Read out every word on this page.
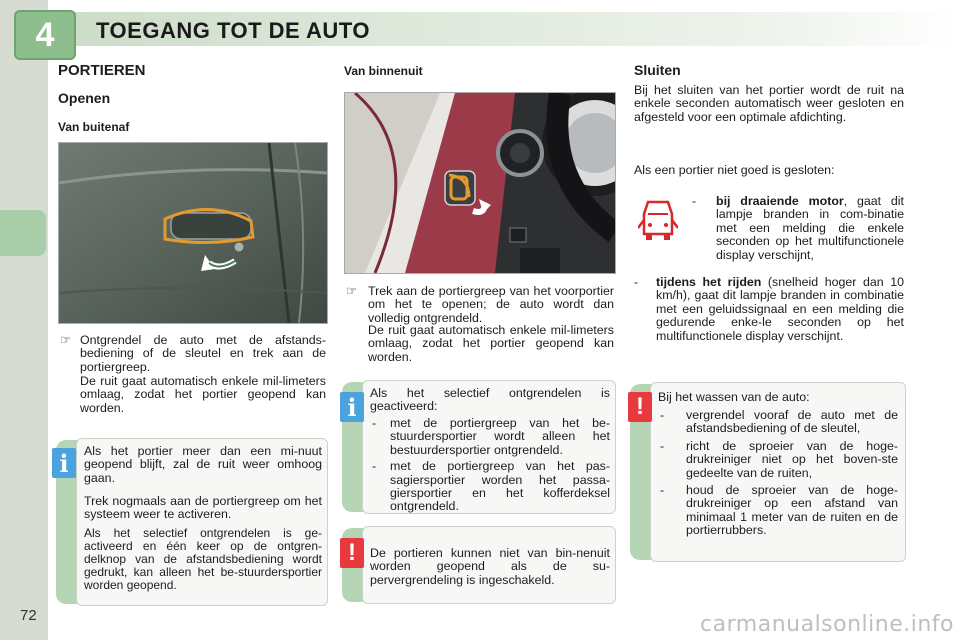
4	TOEGANG TOT DE AUTO
PORTIEREN
Openen
Van buitenaf
☞ Ontgrendel de auto met de afstands-bediening of de sleutel en trek aan de portiergreep.
De ruit gaat automatisch enkele mil-limeters omlaag, zodat het portier geopend kan worden.
Als het portier meer dan een mi-nuut geopend blijft, zal de ruit weer omhoog gaan.
Trek nogmaals aan de portiergreep om het systeem weer te activeren.
Als het selectief ontgrendelen is ge-activeerd en één keer op de ontgren-delknop van de afstandsbediening wordt gedrukt, kan alleen het be-stuurdersportier worden geopend.
i
Van binnenuit
☞ Trek aan de portiergreep van het voorportier om het te openen; de auto wordt dan volledig ontgrendeld.
De ruit gaat automatisch enkele mil-limeters omlaag, zodat het portier geopend kan worden.
Als het selectief ontgrendelen is geactiveerd:
- met de portiergreep van het be-stuurdersportier wordt alleen het bestuurdersportier ontgrendeld.
- met de portiergreep van het pas-sagiersportier worden het passa-giersportier en het kofferdeksel ontgrendeld.
i
De portieren kunnen niet van bin-nenuit worden geopend als de su-pervergrendeling is ingeschakeld.
!
Sluiten
Bij het sluiten van het portier wordt de ruit na enkele seconden automatisch weer gesloten en afgesteld voor een optimale afdichting.
Als een portier niet goed is gesloten:
- bij draaiende motor, gaat dit lampje branden in com-binatie met een melding die enkele seconden op het multifunctionele display verschijnt,
- tijdens het rijden (snelheid hoger dan 10 km/h), gaat dit lampje branden in combinatie met een geluidssignaal en een melding die gedurende enke-le seconden op het multifunctionele display verschijnt.
Bij het wassen van de auto:
- vergrendel vooraf de auto met de afstandsbediening of de sleutel,
- richt de sproeier van de hoge-drukreiniger niet op het boven-ste gedeelte van de ruiten,
- houd de sproeier van de hoge-drukreiniger op een afstand van minimaal 1 meter van de ruiten en de portierrubbers.
!
72	carmanualsonline.info
